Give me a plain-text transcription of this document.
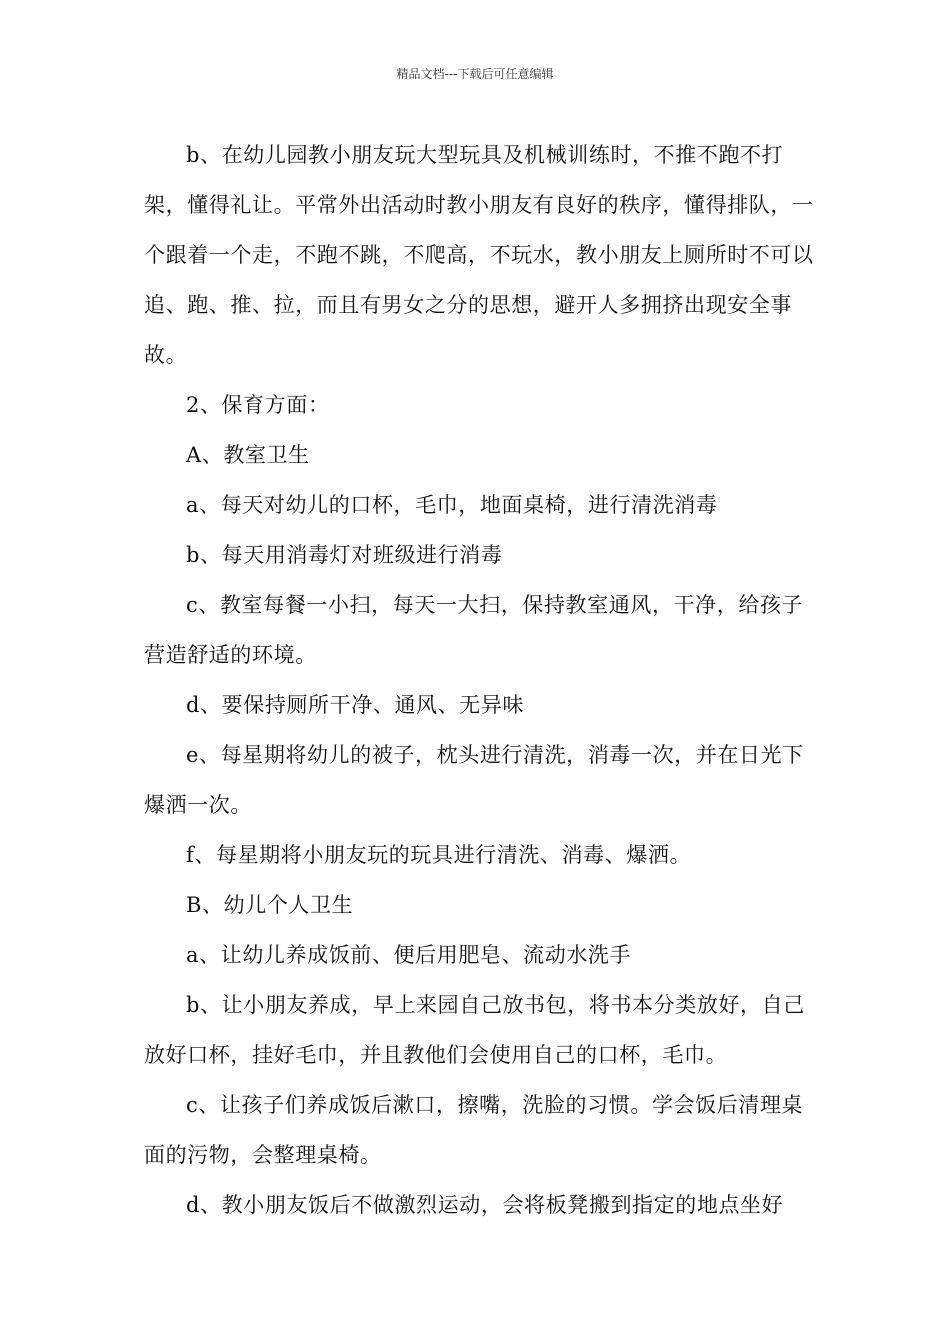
精品文档---下载后可任意编辑

b、在幼儿园教小朋友玩大型玩具及机械训练时，不推不跑不打架，懂得礼让。平常外出活动时教小朋友有良好的秩序，懂得排队，一个跟着一个走，不跑不跳，不爬高，不玩水，教小朋友上厕所时不可以追、跑、推、拉，而且有男女之分的思想，避开人多拥挤出现安全事故。

2、保育方面：

A、教室卫生

a、每天对幼儿的口杯，毛巾，地面桌椅，进行清洗消毒

b、每天用消毒灯对班级进行消毒

c、教室每餐一小扫，每天一大扫，保持教室通风，干净，给孩子营造舒适的环境。

d、要保持厕所干净、通风、无异味

e、每星期将幼儿的被子，枕头进行清洗，消毒一次，并在日光下爆洒一次。

f、每星期将小朋友玩的玩具进行清洗、消毒、爆洒。

B、幼儿个人卫生

a、让幼儿养成饭前、便后用肥皂、流动水洗手

b、让小朋友养成，早上来园自己放书包，将书本分类放好，自己放好口杯，挂好毛巾，并且教他们会使用自己的口杯，毛巾。

c、让孩子们养成饭后漱口，擦嘴，洗脸的习惯。学会饭后清理桌面的污物，会整理桌椅。

d、教小朋友饭后不做激烈运动，会将板凳搬到指定的地点坐好
